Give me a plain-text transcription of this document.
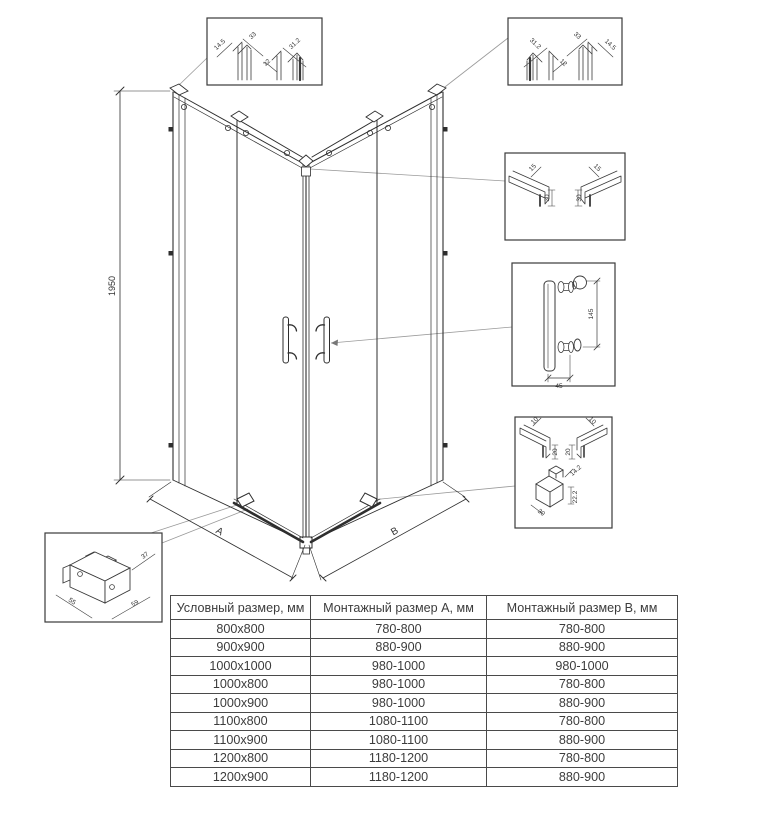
1950
A	B
14.5
33
12
31.2	31.2
12
33
14.5
15
30
15
30
145
45
10
20
10
20
14.2
22.2
30
55	59
37
Условный размер, мм	Монтажный размер A, мм	Монтажный размер B, мм
800x800	780-800	780-800
900x900	880-900	880-900
1000x1000	980-1000	980-1000
1000x800	980-1000	780-800
1000x900	980-1000	880-900
1100x800	1080-1100	780-800
1100x900	1080-1100	880-900
1200x800	1180-1200	780-800
1200x900	1180-1200	880-900
